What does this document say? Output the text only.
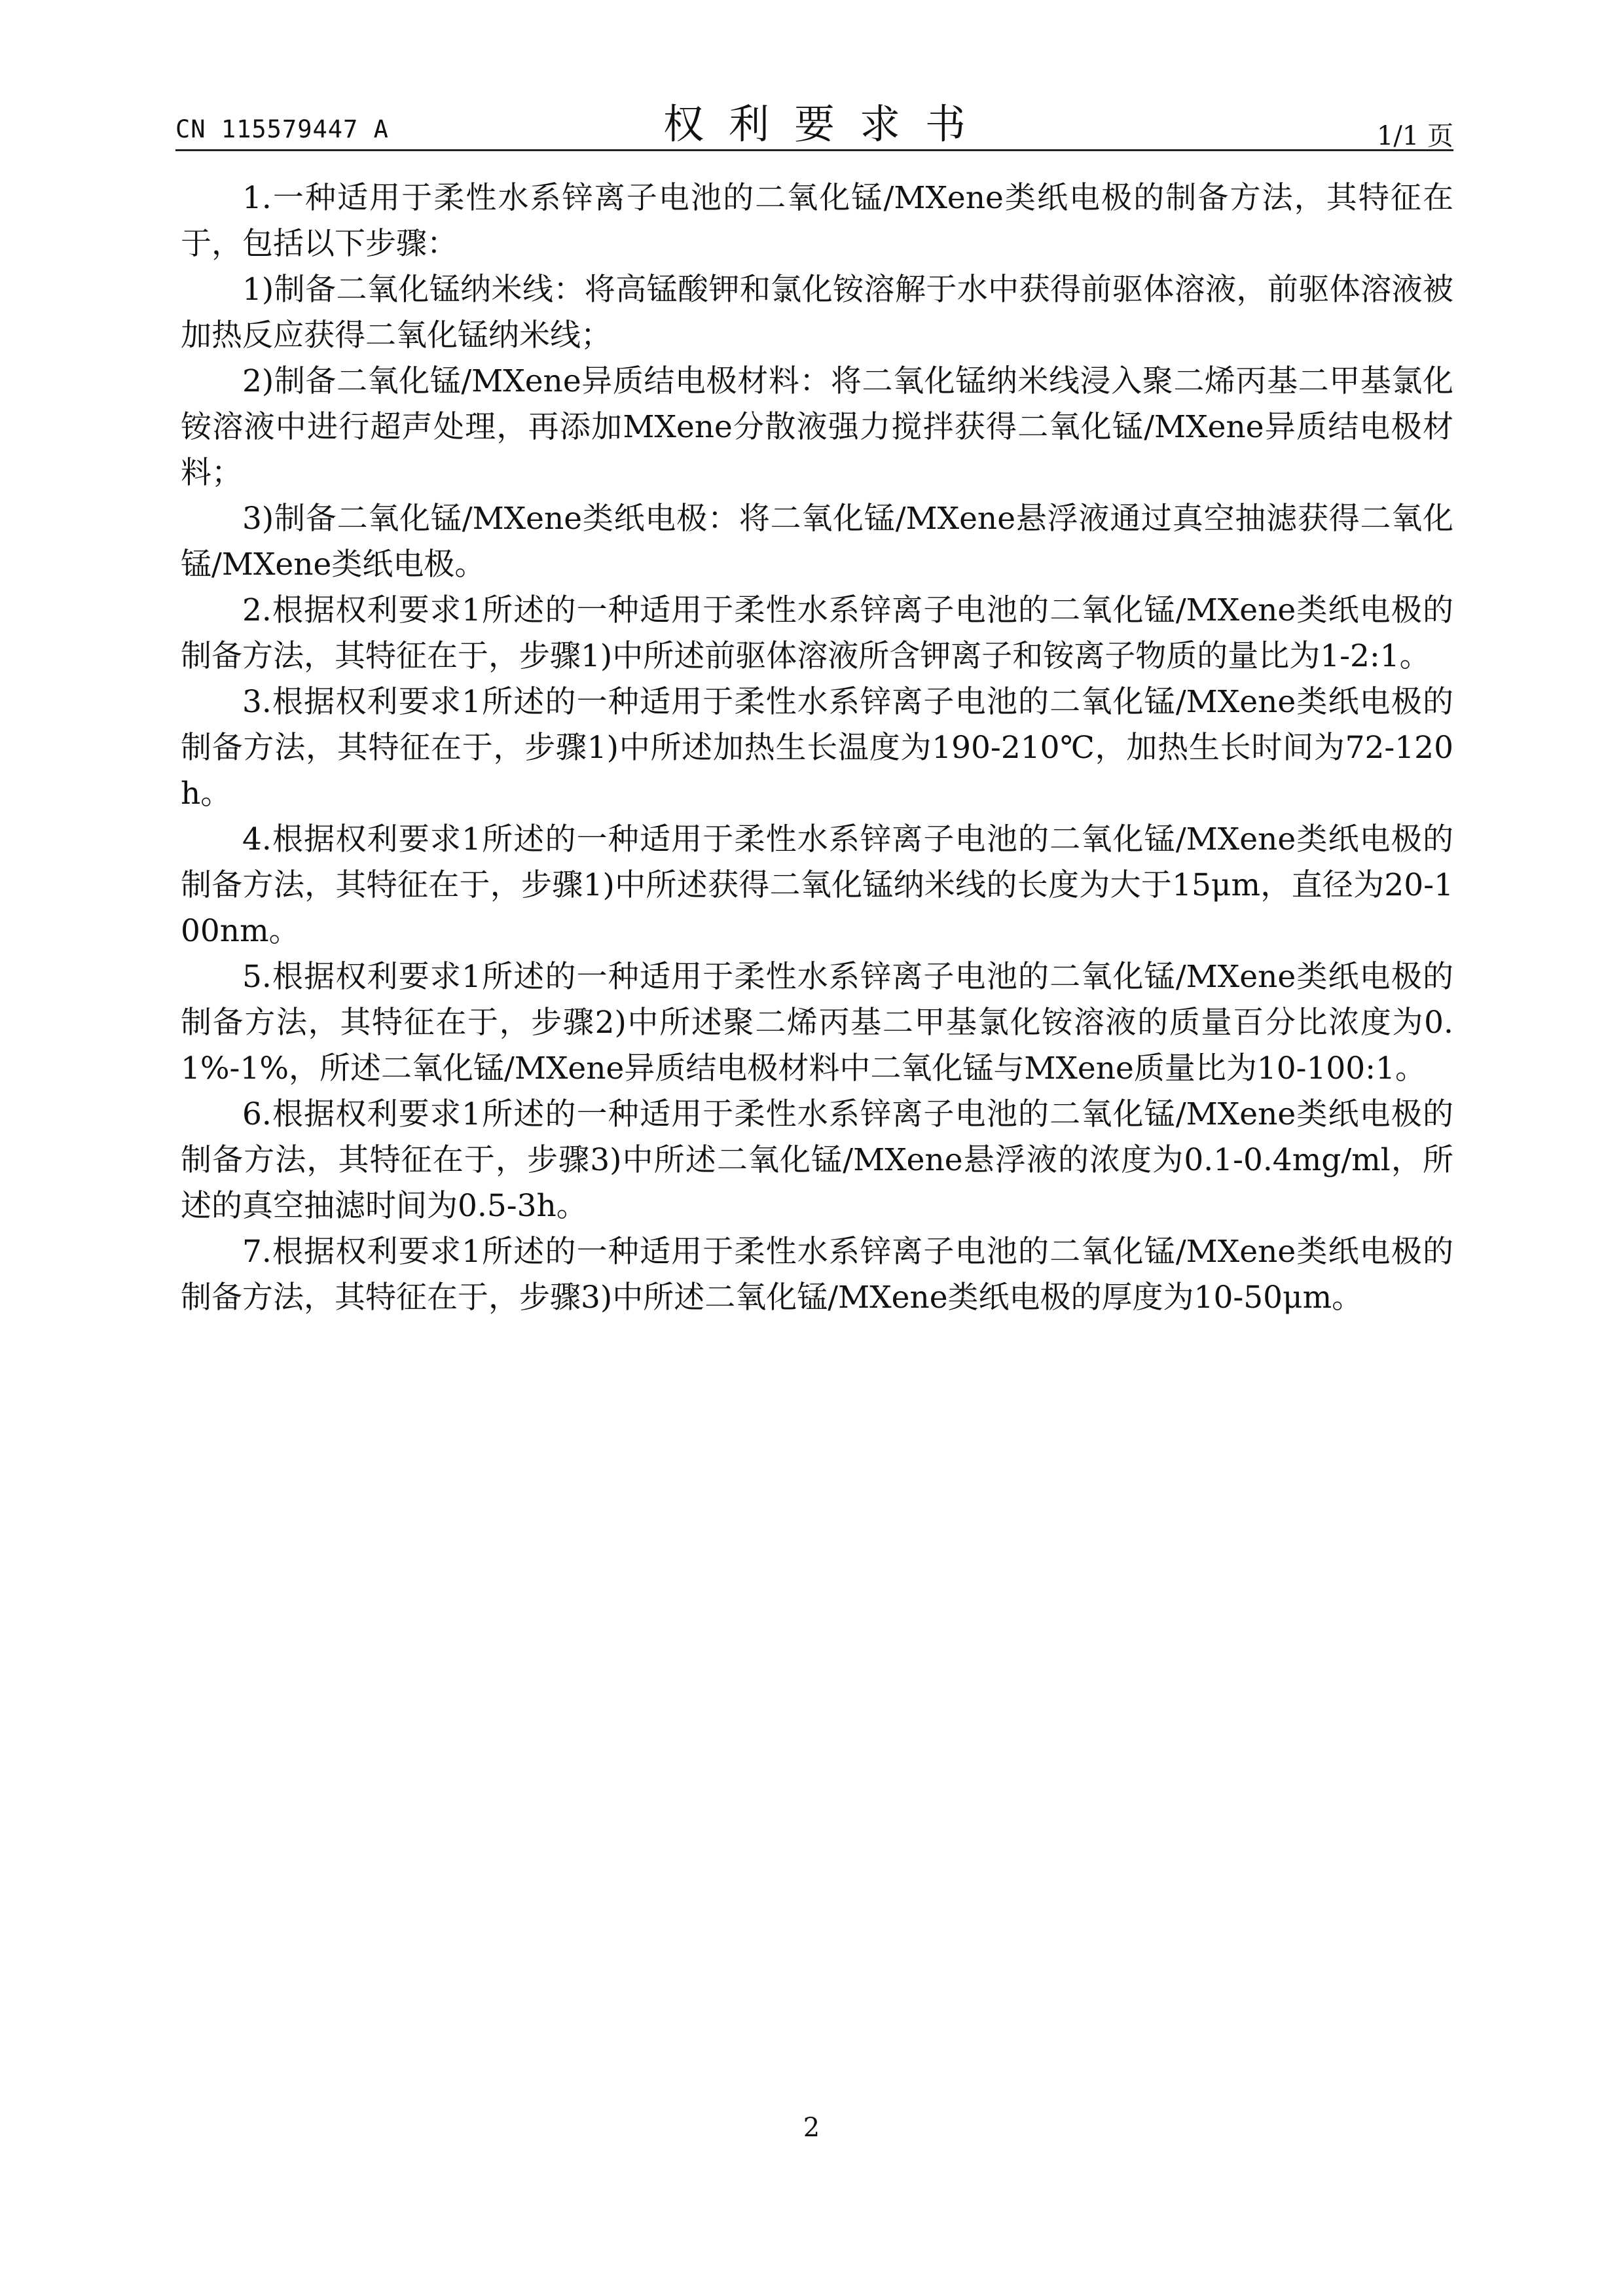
CN 115579447 A	权利要求书	1/1 页

1.一种适用于柔性水系锌离子电池的二氧化锰/MXene类纸电极的制备方法，其特征在于，包括以下步骤：

1)制备二氧化锰纳米线：将高锰酸钾和氯化铵溶解于水中获得前驱体溶液，前驱体溶液被加热反应获得二氧化锰纳米线；

2)制备二氧化锰/MXene异质结电极材料：将二氧化锰纳米线浸入聚二烯丙基二甲基氯化铵溶液中进行超声处理，再添加MXene分散液强力搅拌获得二氧化锰/MXene异质结电极材料；

3)制备二氧化锰/MXene类纸电极：将二氧化锰/MXene悬浮液通过真空抽滤获得二氧化锰/MXene类纸电极。

2.根据权利要求1所述的一种适用于柔性水系锌离子电池的二氧化锰/MXene类纸电极的制备方法，其特征在于，步骤1)中所述前驱体溶液所含钾离子和铵离子物质的量比为1-2:1。

3.根据权利要求1所述的一种适用于柔性水系锌离子电池的二氧化锰/MXene类纸电极的制备方法，其特征在于，步骤1)中所述加热生长温度为190-210℃，加热生长时间为72-120h。

4.根据权利要求1所述的一种适用于柔性水系锌离子电池的二氧化锰/MXene类纸电极的制备方法，其特征在于，步骤1)中所述获得二氧化锰纳米线的长度为大于15μm，直径为20-100nm。

5.根据权利要求1所述的一种适用于柔性水系锌离子电池的二氧化锰/MXene类纸电极的制备方法，其特征在于，步骤2)中所述聚二烯丙基二甲基氯化铵溶液的质量百分比浓度为0.1%-1%，所述二氧化锰/MXene异质结电极材料中二氧化锰与MXene质量比为10-100:1。

6.根据权利要求1所述的一种适用于柔性水系锌离子电池的二氧化锰/MXene类纸电极的制备方法，其特征在于，步骤3)中所述二氧化锰/MXene悬浮液的浓度为0.1-0.4mg/ml，所述的真空抽滤时间为0.5-3h。

7.根据权利要求1所述的一种适用于柔性水系锌离子电池的二氧化锰/MXene类纸电极的制备方法，其特征在于，步骤3)中所述二氧化锰/MXene类纸电极的厚度为10-50μm。

2
